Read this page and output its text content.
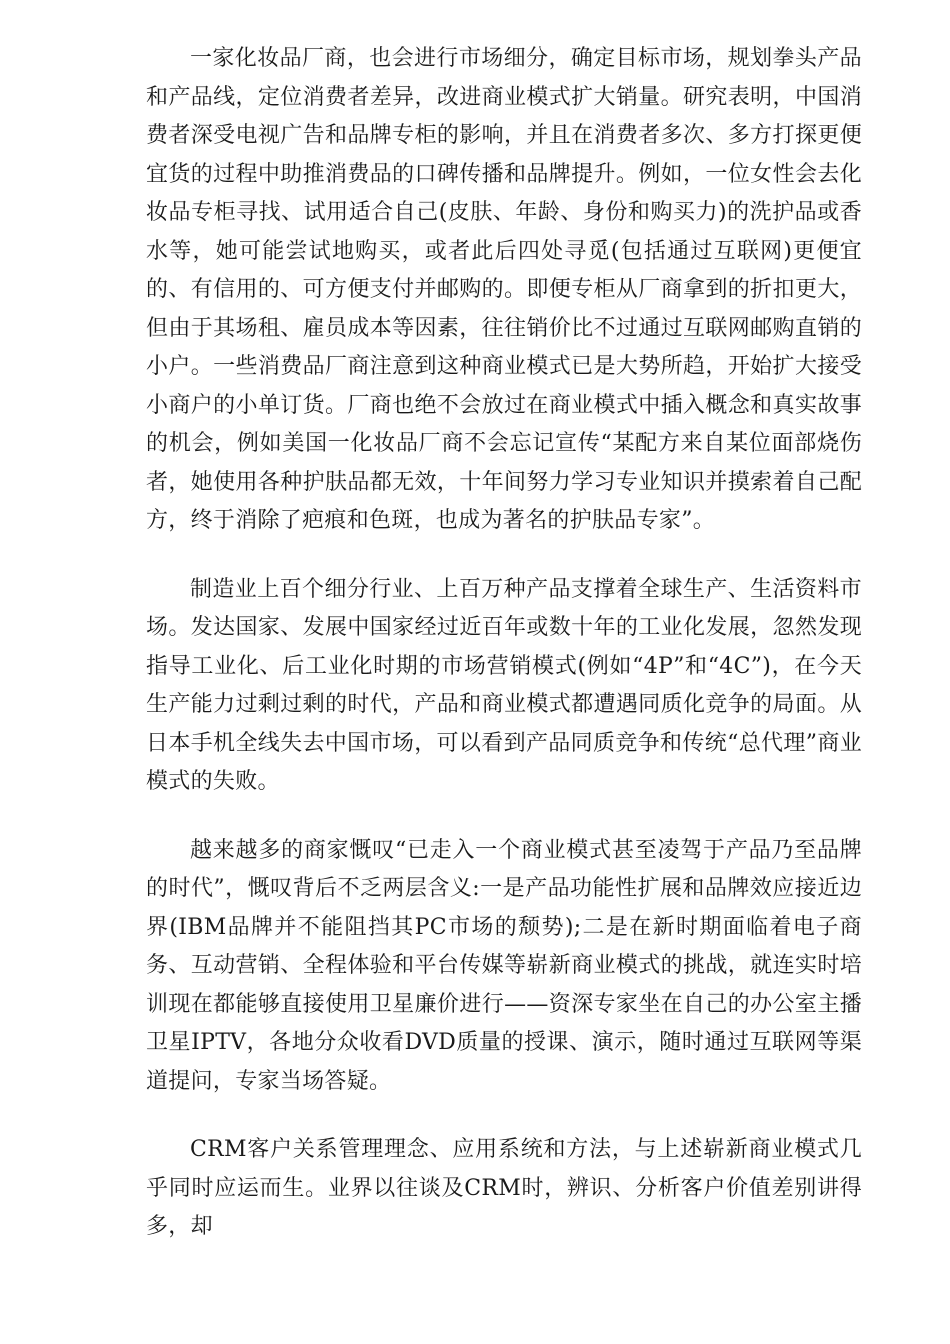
一家化妆品厂商，也会进行市场细分，确定目标市场，规划拳头产品和产品线，定位消费者差异，改进商业模式扩大销量。研究表明，中国消费者深受电视广告和品牌专柜的影响，并且在消费者多次、多方打探更便宜货的过程中助推消费品的口碑传播和品牌提升。例如，一位女性会去化妆品专柜寻找、试用适合自己(皮肤、年龄、身份和购买力)的洗护品或香水等，她可能尝试地购买，或者此后四处寻觅(包括通过互联网)更便宜的、有信用的、可方便支付并邮购的。即便专柜从厂商拿到的折扣更大，但由于其场租、雇员成本等因素，往往销价比不过通过互联网邮购直销的小户。一些消费品厂商注意到这种商业模式已是大势所趋，开始扩大接受小商户的小单订货。厂商也绝不会放过在商业模式中插入概念和真实故事的机会，例如美国一化妆品厂商不会忘记宣传“某配方来自某位面部烧伤者，她使用各种护肤品都无效，十年间努力学习专业知识并摸索着自己配方，终于消除了疤痕和色斑，也成为著名的护肤品专家”。

制造业上百个细分行业、上百万种产品支撑着全球生产、生活资料市场。发达国家、发展中国家经过近百年或数十年的工业化发展，忽然发现指导工业化、后工业化时期的市场营销模式(例如“4P”和“4C”)，在今天生产能力过剩过剩的时代，产品和商业模式都遭遇同质化竞争的局面。从日本手机全线失去中国市场，可以看到产品同质竞争和传统“总代理”商业模式的失败。

越来越多的商家慨叹“已走入一个商业模式甚至凌驾于产品乃至品牌的时代”，慨叹背后不乏两层含义:一是产品功能性扩展和品牌效应接近边界(IBM品牌并不能阻挡其PC市场的颓势);二是在新时期面临着电子商务、互动营销、全程体验和平台传媒等崭新商业模式的挑战，就连实时培训现在都能够直接使用卫星廉价进行——资深专家坐在自己的办公室主播卫星IPTV，各地分众收看DVD质量的授课、演示，随时通过互联网等渠道提问，专家当场答疑。

CRM客户关系管理理念、应用系统和方法，与上述崭新商业模式几乎同时应运而生。业界以往谈及CRM时，辨识、分析客户价值差别讲得多，却
